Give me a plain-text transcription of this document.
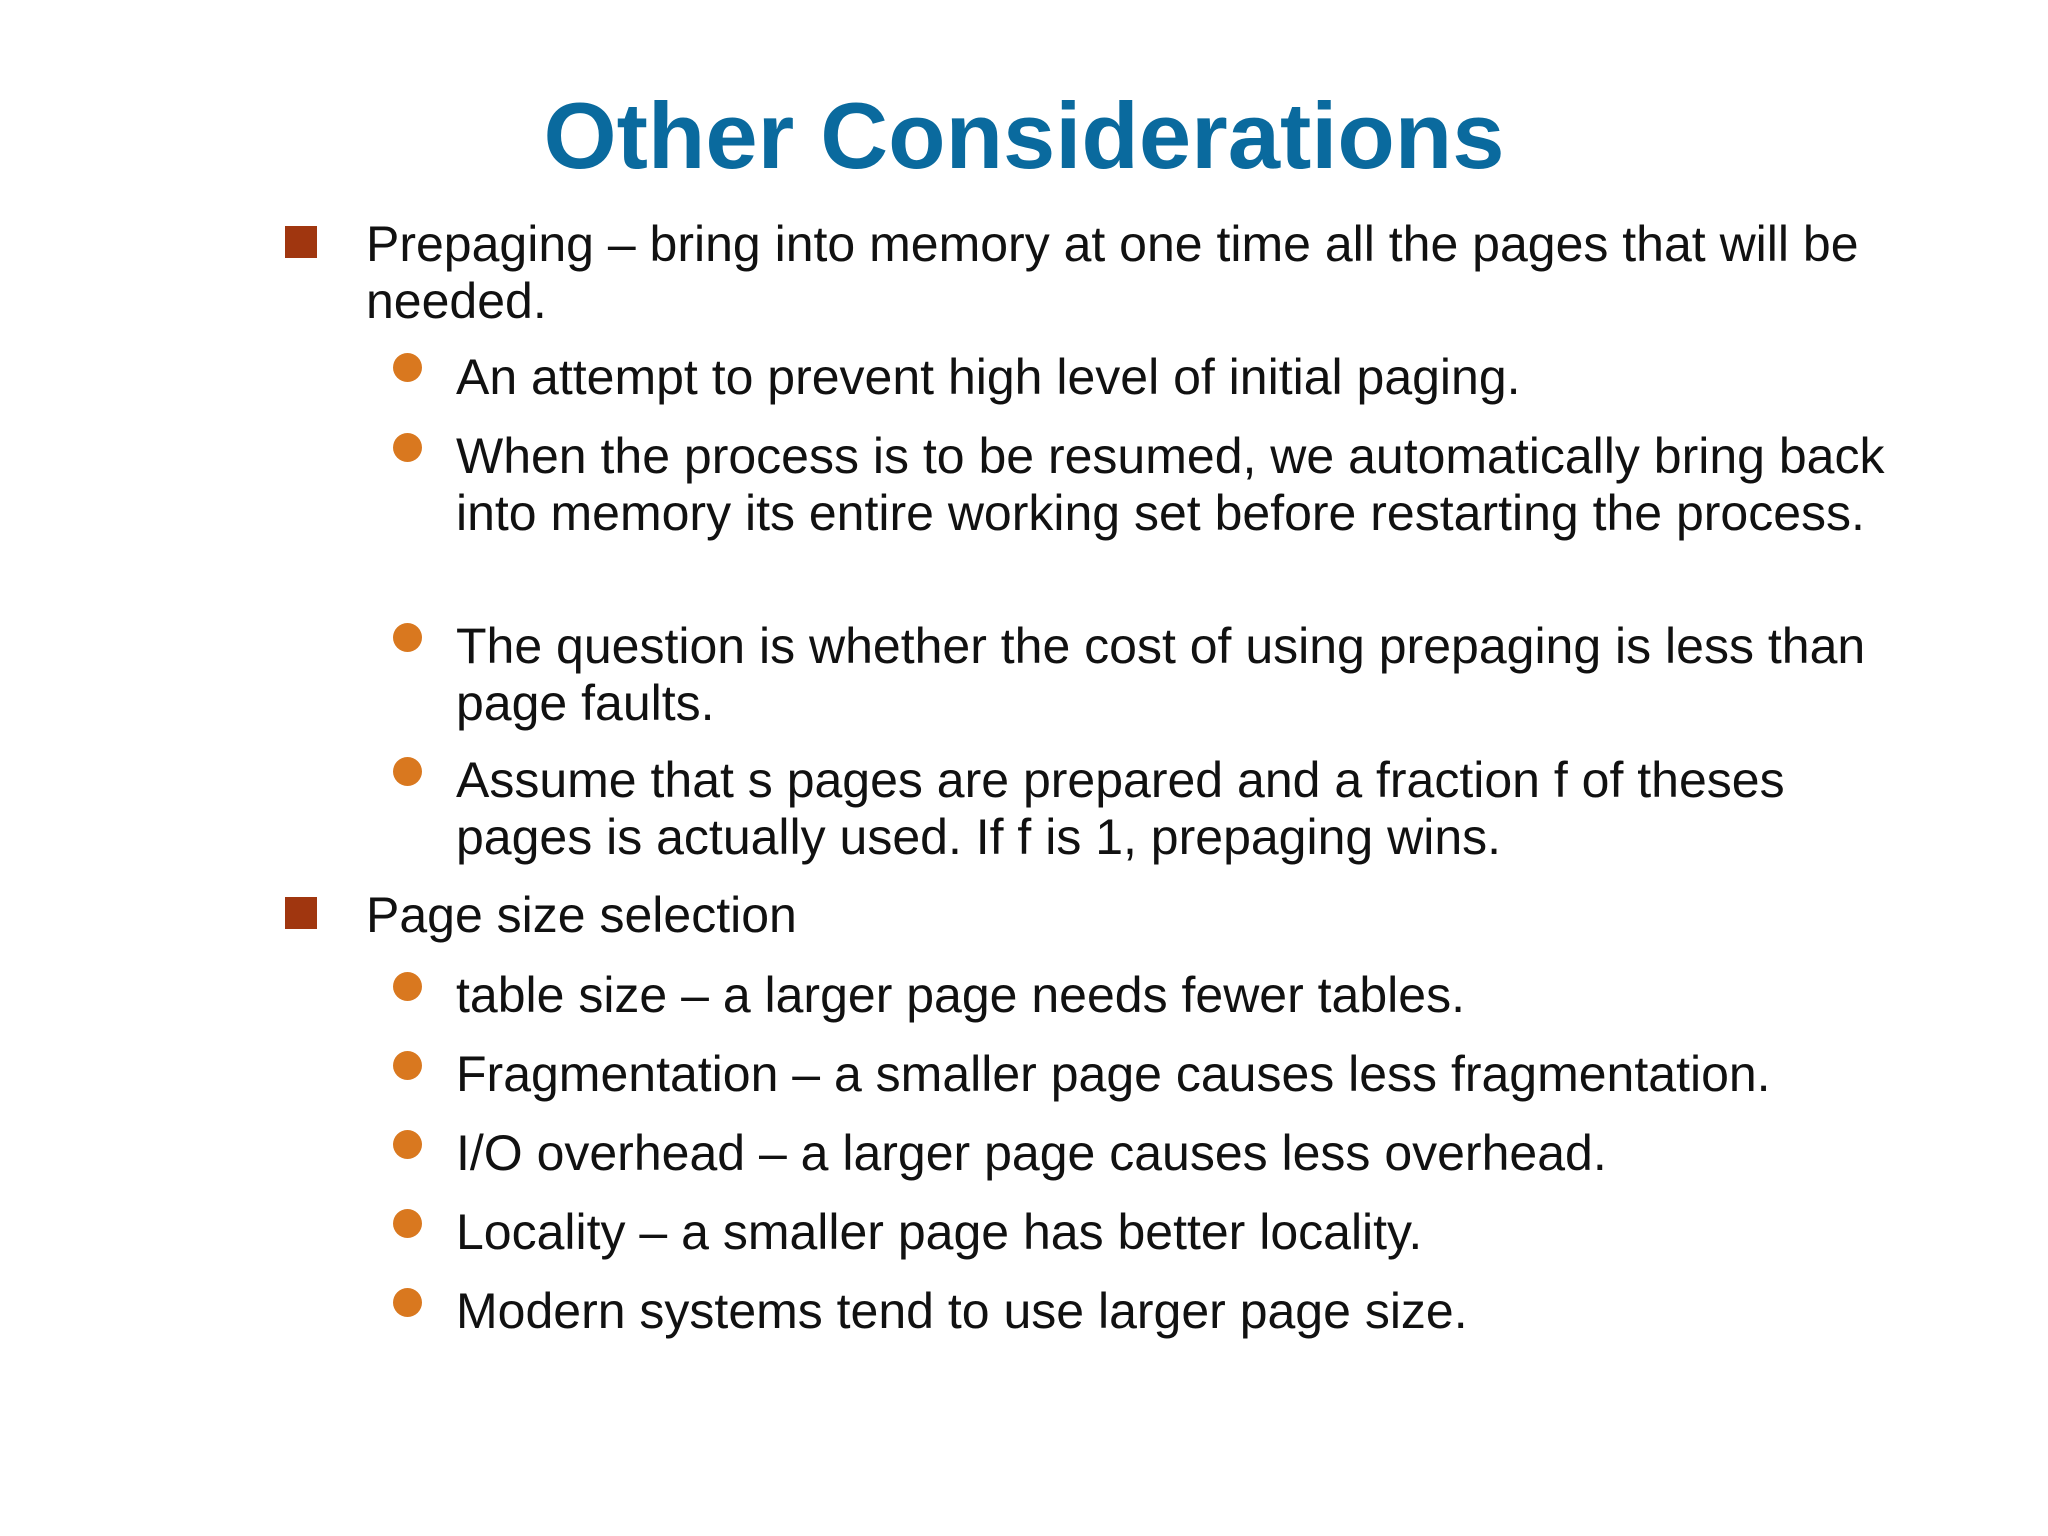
Other Considerations
Prepaging – bring into memory at one time all the pages that will be needed.
An attempt to prevent high level of initial paging.
When the process is to be resumed, we automatically bring back into memory its entire working set before restarting the process.
The question is whether the cost of using prepaging is less than page faults.
Assume that s pages are prepared and a fraction f of theses pages is actually used. If f is 1, prepaging wins.
Page size selection
table size – a larger page needs fewer tables.
Fragmentation – a smaller page causes less fragmentation.
I/O overhead – a larger page causes less overhead.
Locality – a smaller page has better locality.
Modern systems tend to use larger page size.
